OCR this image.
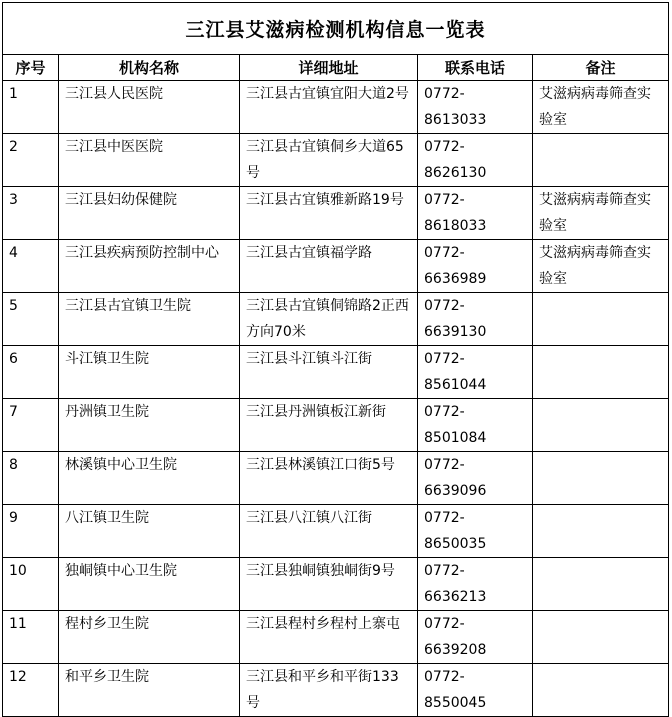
三江县艾滋病检测机构信息一览表				
序号	机构名称	详细地址	联系电话	备注
1	三江县人民医院	三江县古宜镇宜阳大道2号	0772-8613033	艾滋病病毒筛查实验室
2	三江县中医医院	三江县古宜镇侗乡大道65号	0772-8626130	
3	三江县妇幼保健院	三江县古宜镇雅新路19号	0772-8618033	艾滋病病毒筛查实验室
4	三江县疾病预防控制中心	三江县古宜镇福学路	0772-6636989	艾滋病病毒筛查实验室
5	三江县古宜镇卫生院	三江县古宜镇侗锦路2正西方向70米	0772-6639130	
6	斗江镇卫生院	三江县斗江镇斗江街	0772-8561044	
7	丹洲镇卫生院	三江县丹洲镇板江新街	0772-8501084	
8	林溪镇中心卫生院	三江县林溪镇江口街5号	0772-6639096	
9	八江镇卫生院	三江县八江镇八江街	0772-8650035	
10	独峒镇中心卫生院	三江县独峒镇独峒街9号	0772-6636213	
11	程村乡卫生院	三江县程村乡程村上寨屯	0772-6639208	
12	和平乡卫生院	三江县和平乡和平街133号	0772-8550045	
